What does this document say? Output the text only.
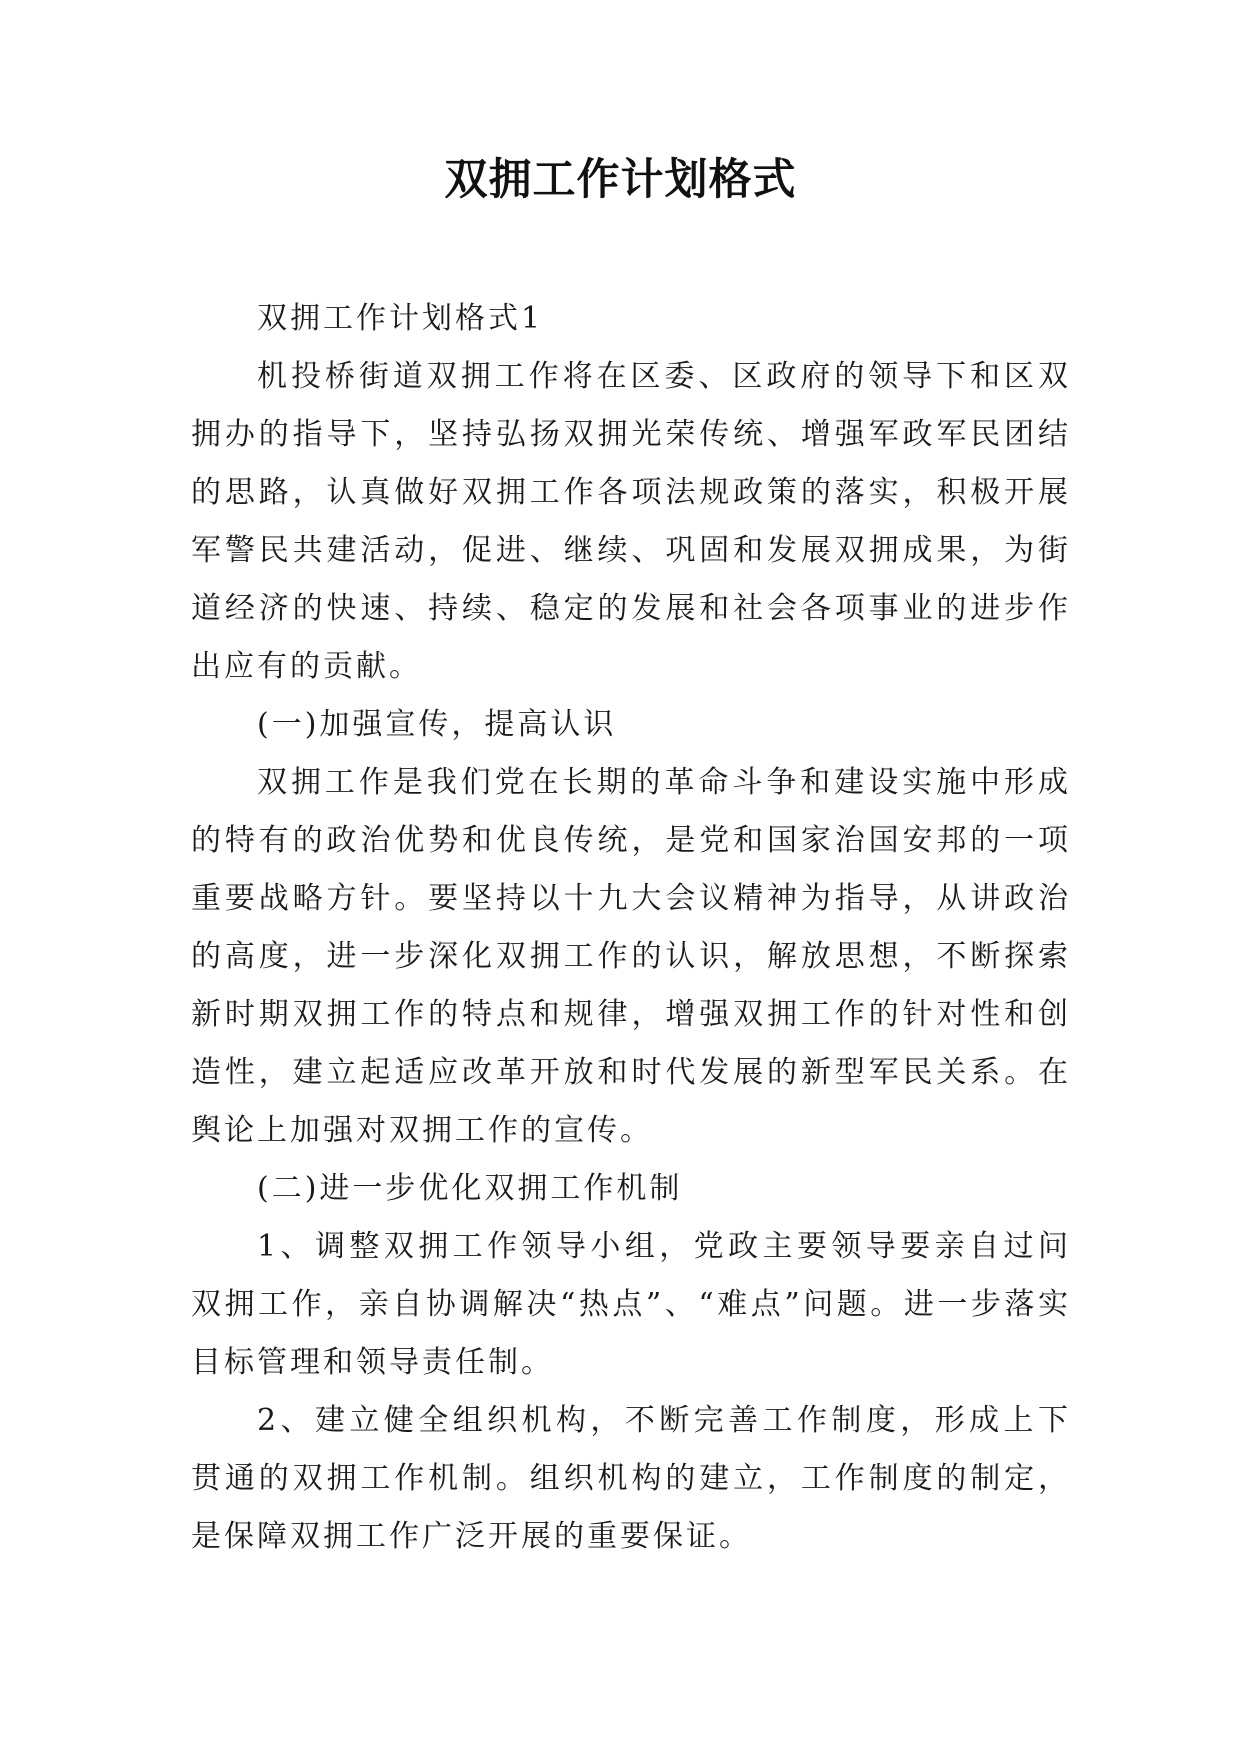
双拥工作计划格式

双拥工作计划格式1

机投桥街道双拥工作将在区委、区政府的领导下和区双拥办的指导下，坚持弘扬双拥光荣传统、增强军政军民团结的思路，认真做好双拥工作各项法规政策的落实，积极开展军警民共建活动，促进、继续、巩固和发展双拥成果，为街道经济的快速、持续、稳定的发展和社会各项事业的进步作出应有的贡献。

(一)加强宣传，提高认识

双拥工作是我们党在长期的革命斗争和建设实施中形成的特有的政治优势和优良传统，是党和国家治国安邦的一项重要战略方针。要坚持以十九大会议精神为指导，从讲政治的高度，进一步深化双拥工作的认识，解放思想，不断探索新时期双拥工作的特点和规律，增强双拥工作的针对性和创造性，建立起适应改革开放和时代发展的新型军民关系。在舆论上加强对双拥工作的宣传。

(二)进一步优化双拥工作机制

1、调整双拥工作领导小组，党政主要领导要亲自过问双拥工作，亲自协调解决“热点”、“难点”问题。进一步落实目标管理和领导责任制。

2、建立健全组织机构，不断完善工作制度，形成上下贯通的双拥工作机制。组织机构的建立，工作制度的制定，是保障双拥工作广泛开展的重要保证。
